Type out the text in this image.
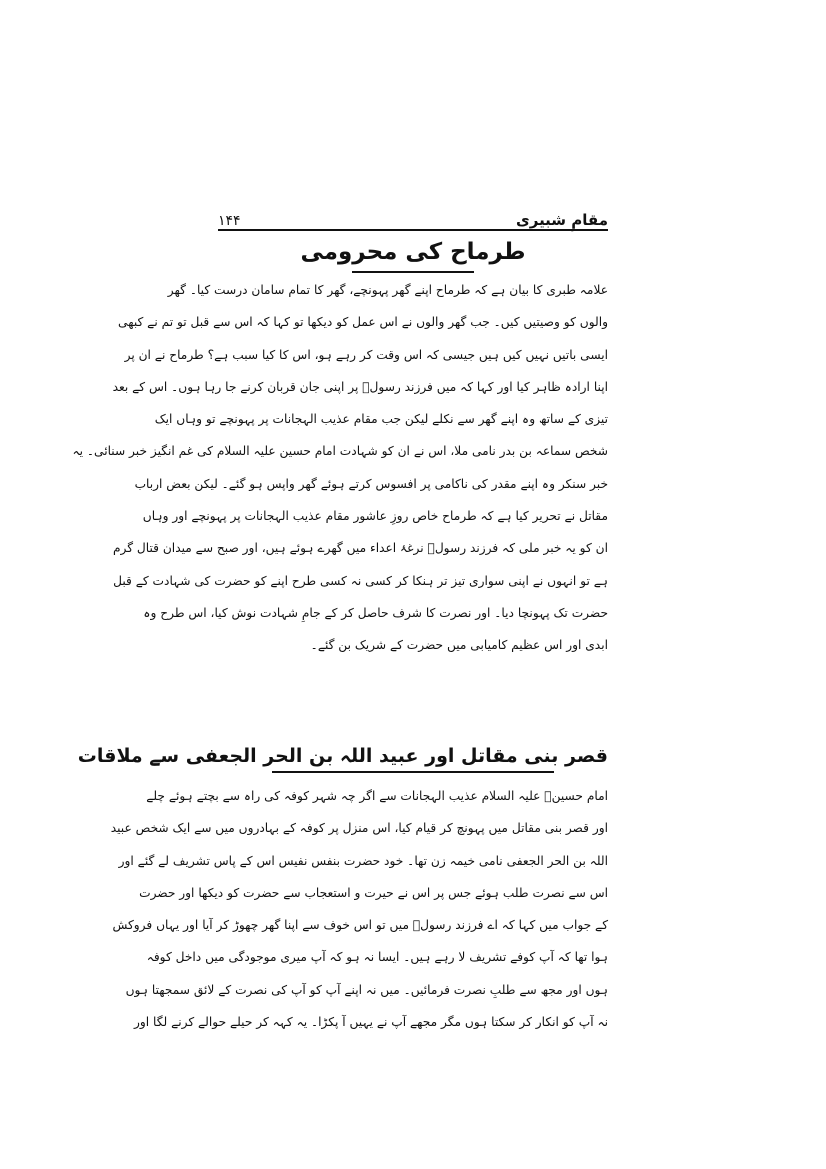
مقامِ شبیری
۱۴۴
طرماح کی محرومی
علامہ طبری کا بیان ہے کہ طرماح اپنے گھر پہونچے، گھر کا تمام سامان درست کیا۔ گھر
والوں کو وصیتیں کیں۔ جب گھر والوں نے اس عمل کو دیکھا تو کہا کہ اس سے قبل تو تم نے کبھی
ایسی باتیں نہیں کیں ہیں جیسی کہ اس وقت کر رہے ہو، اس کا کیا سبب ہے؟ طرماح نے ان پر
اپنا ارادہ ظاہر کیا اور کہا کہ میں فرزند رسولؐ پر اپنی جان قربان کرنے جا رہا ہوں۔ اس کے بعد
تیزی کے ساتھ وہ اپنے گھر سے نکلے لیکن جب مقام عذیب الہجانات پر پہونچے تو وہاں ایک
شخص سماعہ بن بدر نامی ملا، اس نے ان کو شہادت امام حسین علیہ السلام کی غم انگیز خبر سنائی۔ یہ
خبر سنکر وہ اپنے مقدر کی ناکامی پر افسوس کرتے ہوئے گھر واپس ہو گئے۔ لیکن بعض ارباب
مقاتل نے تحریر کیا ہے کہ طرماح خاص روزِ عاشور مقام عذیب الہجانات پر پہونچے اور وہاں
ان کو یہ خبر ملی کہ فرزند رسولؐ نرغۂ اعداء میں گھرے ہوئے ہیں، اور صبح سے میدان قتال گرم
ہے تو انہوں نے اپنی سواری تیز تر ہنکا کر کسی نہ کسی طرح اپنے کو حضرت کی شہادت کے قبل
حضرت تک پہونچا دیا۔ اور نصرت کا شرف حاصل کر کے جامِ شہادت نوش کیا، اس طرح وہ
ابدی اور اس عظیم کامیابی میں حضرت کے شریک بن گئے۔
قصر بنی مقاتل اور عبید اللہ بن الحر الجعفی سے ملاقات
امام حسینؑ علیہ السلام عذیب الہجانات سے اگر چہ شہر کوفہ کی راہ سے بچتے ہوئے چلے
اور قصر بنی مقاتل میں پہونچ کر قیام کیا، اس منزل پر کوفہ کے بہادروں میں سے ایک شخص عبید
اللہ بن الحر الجعفی نامی خیمہ زن تھا۔ خود حضرت بنفس نفیس اس کے پاس تشریف لے گئے اور
اس سے نصرت طلب ہوئے جس پر اس نے حیرت و استعجاب سے حضرت کو دیکھا اور حضرت
کے جواب میں کہا کہ اے فرزند رسولؐ میں تو اس خوف سے اپنا گھر چھوڑ کر آیا اور یہاں فروکش
ہوا تھا کہ آپ کوفے تشریف لا رہے ہیں۔ ایسا نہ ہو کہ آپ میری موجودگی میں داخل کوفہ
ہوں اور مجھ سے طلبِ نصرت فرمائیں۔ میں نہ اپنے آپ کو آپ کی نصرت کے لائق سمجھتا ہوں
نہ آپ کو انکار کر سکتا ہوں مگر مجھے آپ نے یہیں آ پکڑا۔ یہ کہہ کر حیلے حوالے کرنے لگا اور
